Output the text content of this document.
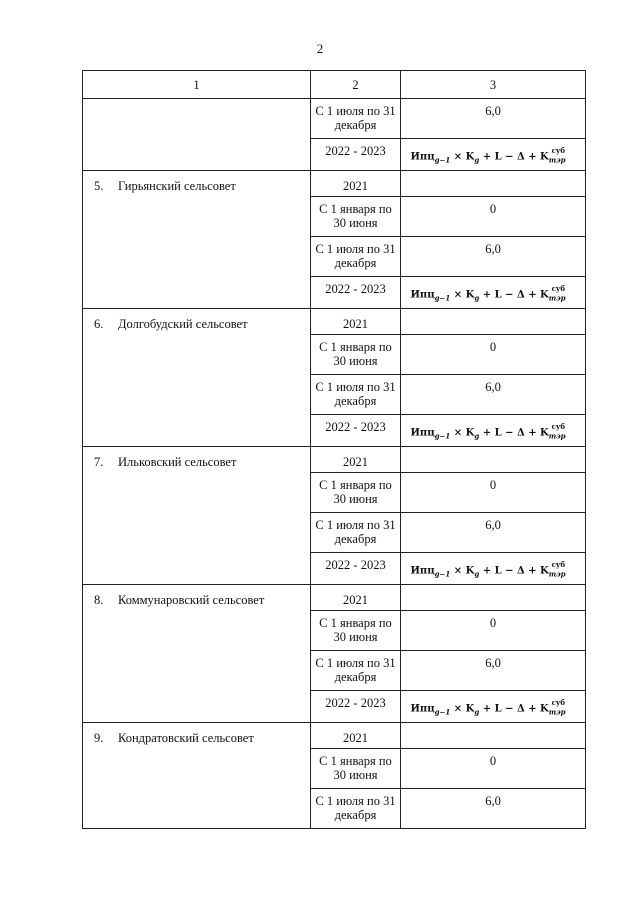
2
1	2	3

	С 1 июля по 31 декабря	6,0

	2022 - 2023	$Ипц_{g-1} \times K_g + L - \Delta + K_{тэр}^{суб}$

5. Гирьянский сельсовет	2021	

	С 1 января по 30 июня	0

	С 1 июля по 31 декабря	6,0

	2022 - 2023	$Ипц_{g-1} \times K_g + L - \Delta + K_{тэр}^{суб}$

6. Долгобудский сельсовет	2021	

	С 1 января по 30 июня	0

	С 1 июля по 31 декабря	6,0

	2022 - 2023	$Ипц_{g-1} \times K_g + L - \Delta + K_{тэр}^{суб}$

7. Ильковский сельсовет	2021	

	С 1 января по 30 июня	0

	С 1 июля по 31 декабря	6,0

	2022 - 2023	$Ипц_{g-1} \times K_g + L - \Delta + K_{тэр}^{суб}$

8. Коммунаровский сельсовет	2021	

	С 1 января по 30 июня	0

	С 1 июля по 31 декабря	6,0

	2022 - 2023	$Ипц_{g-1} \times K_g + L - \Delta + K_{тэр}^{суб}$

9. Кондратовский сельсовет	2021	

	С 1 января по 30 июня	0

	С 1 июля по 31 декабря	6,0
